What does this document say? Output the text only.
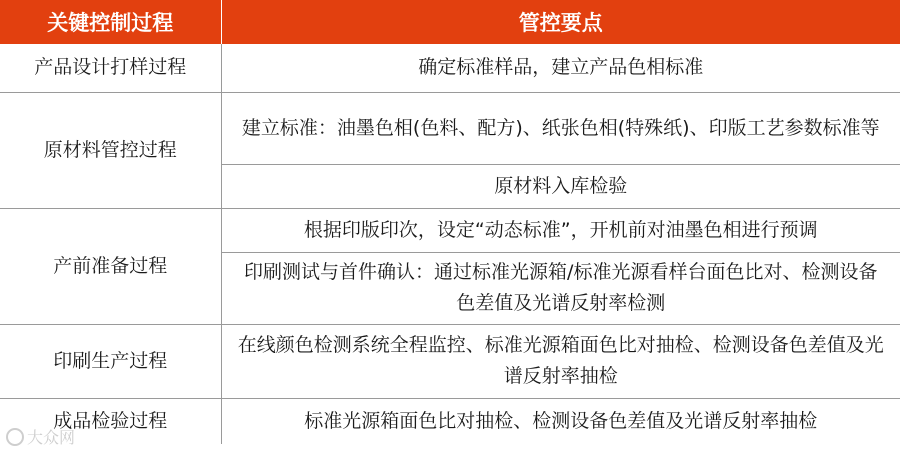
关键控制过程	管控要点
产品设计打样过程	确定标准样品，建立产品色相标准
原材料管控过程	建立标准：油墨色相(色料、配方)、纸张色相(特殊纸)、印版工艺参数标准等
	原材料入库检验
产前准备过程	根据印版印次，设定“动态标准”，开机前对油墨色相进行预调
	印刷测试与首件确认：通过标准光源箱/标准光源看样台面色比对、检测设备色差值及光谱反射率检测
印刷生产过程	在线颜色检测系统全程监控、标准光源箱面色比对抽检、检测设备色差值及光谱反射率抽检
成品检验过程	标准光源箱面色比对抽检、检测设备色差值及光谱反射率抽检
大众网
